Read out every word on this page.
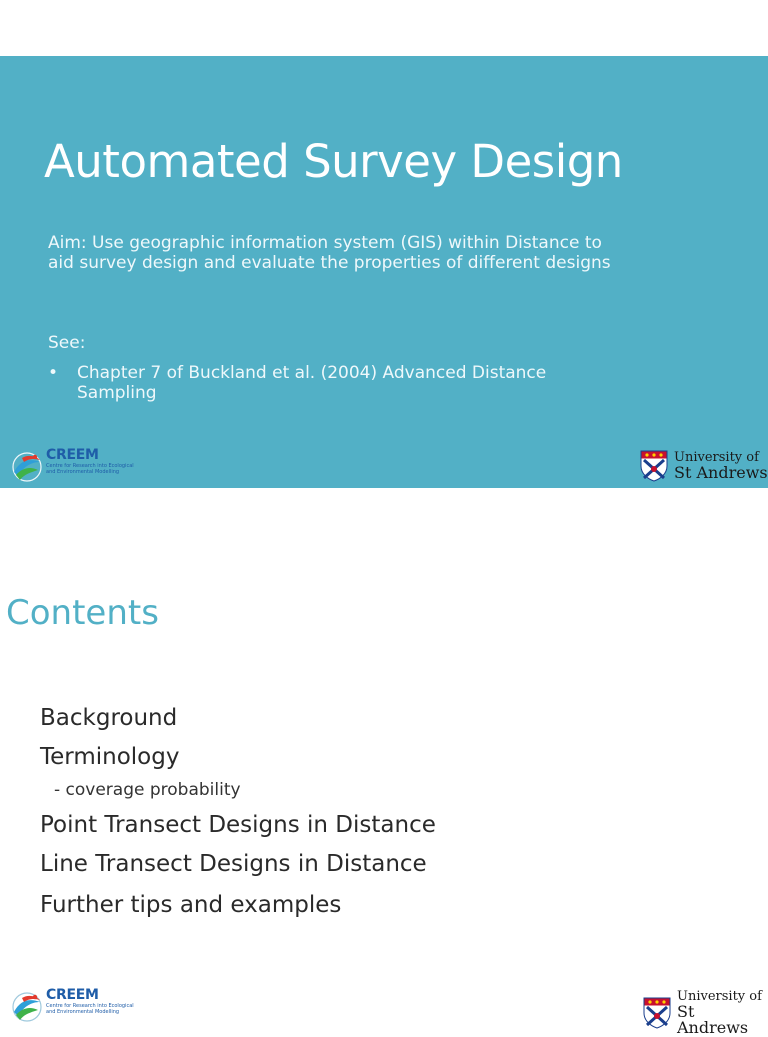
Automated Survey Design

Aim: Use geographic information system (GIS) within Distance to aid survey design and evaluate the properties of different designs

See:

•	Chapter 7 of Buckland et al. (2004) Advanced Distance Sampling
CREEM
Centre for Research into Ecological
and Environmental Modelling
University of
St Andrews
Contents
Background
Terminology
- coverage probability
Point Transect Designs in Distance
Line Transect Designs in Distance
Further tips and examples
CREEM
Centre for Research into Ecological
and Environmental Modelling
University of
St Andrews
